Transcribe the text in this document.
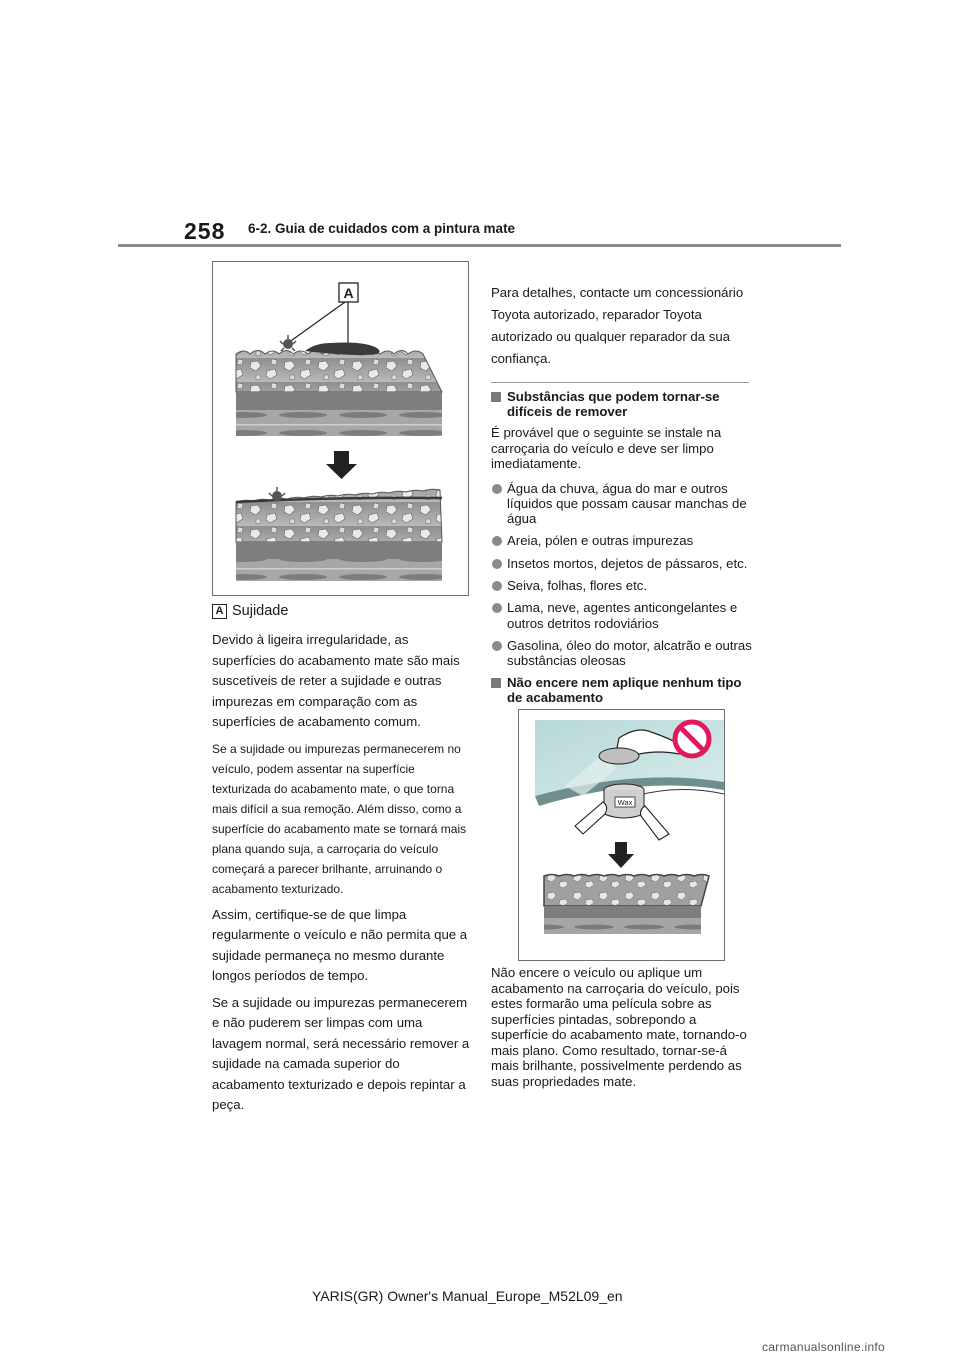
258 6-2. Guia de cuidados com a pintura mate
A
A Sujidade

Devido à ligeira irregularidade, as superfícies do acabamento mate são mais suscetíveis de reter a sujidade e outras impurezas em comparação com as superfícies de acabamento comum.

Se a sujidade ou impurezas permanecerem no veículo, podem assentar na superfície texturizada do acabamento mate, o que torna mais difícil a sua remoção. Além disso, como a superfície do acabamento mate se tornará mais plana quando suja, a carroçaria do veículo começará a parecer brilhante, arruinando o acabamento texturizado.

Assim, certifique-se de que limpa regularmente o veículo e não permita que a sujidade permaneça no mesmo durante longos períodos de tempo.

Se a sujidade ou impurezas permanecerem e não puderem ser limpas com uma lavagem normal, será necessário remover a sujidade na camada superior do acabamento texturizado e depois repintar a peça.

Para detalhes, contacte um concessionário Toyota autorizado, reparador Toyota autorizado ou qualquer reparador da sua confiança.

Substâncias que podem tornar-se difíceis de remover

É provável que o seguinte se instale na carroçaria do veículo e deve ser limpo imediatamente.

Água da chuva, água do mar e outros líquidos que possam causar manchas de água
Areia, pólen e outras impurezas
Insetos mortos, dejetos de pássaros, etc.
Seiva, folhas, flores etc.
Lama, neve, agentes anticongelantes e outros detritos rodoviários
Gasolina, óleo do motor, alcatrão e outras substâncias oleosas
Não encere nem aplique nenhum tipo de acabamento
Wax

Não encere o veículo ou aplique um acabamento na carroçaria do veículo, pois estes formarão uma película sobre as superfícies pintadas, sobrepondo a superfície do acabamento mate, tornando-o mais plano. Como resultado, tornar-se-á mais brilhante, possivelmente perdendo as suas propriedades mate.

YARIS(GR) Owner's Manual_Europe_M52L09_en
carmanualsonline.info
